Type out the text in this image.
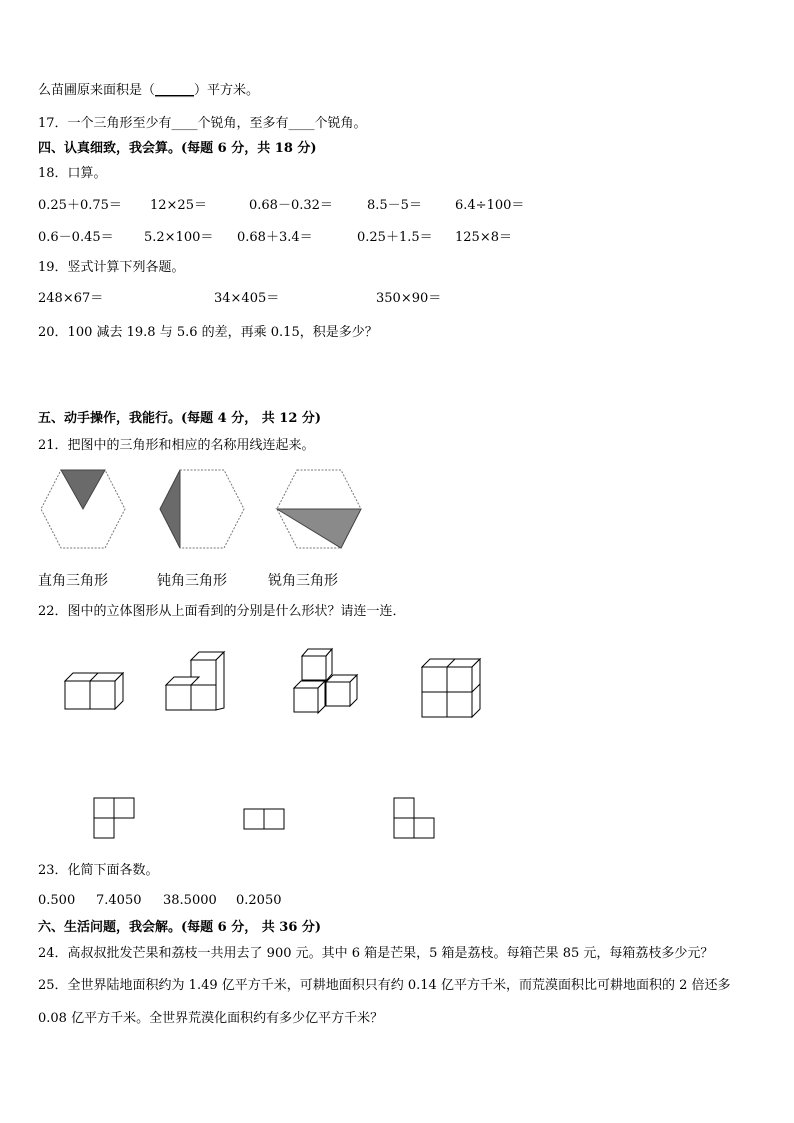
么苗圃原来面积是（______）平方米。
17．一个三角形至少有____个锐角，至多有____个锐角。
四、认真细致，我会算。(每题 6 分，共 18 分)
18．口算。
0.25＋0.75＝ 12×25＝	0.68－0.32＝	8.5－5＝	6.4÷100＝
0.6－0.45＝ 5.2×100＝ 0.68＋3.4＝	0.25＋1.5＝ 125×8＝
19．竖式计算下列各题。
248×67＝	34×405＝	350×90＝
20．100 减去 19.8 与 5.6 的差，再乘 0.15，积是多少？
五、动手操作，我能行。(每题 4 分， 共 12 分)
21．把图中的三角形和相应的名称用线连起来。
直角三角形	钝角三角形	锐角三角形
22．图中的立体图形从上面看到的分别是什么形状？请连一连．
23．化简下面各数。
0.500 7.4050 38.5000 0.2050
六、生活问题，我会解。(每题 6 分， 共 36 分)
24．高叔叔批发芒果和荔枝一共用去了 900 元。其中 6 箱是芒果，5 箱是荔枝。每箱芒果 85 元，每箱荔枝多少元？
25．全世界陆地面积约为 1.49 亿平方千米，可耕地面积只有约 0.14 亿平方千米，而荒漠面积比可耕地面积的 2 倍还多
0.08 亿平方千米。全世界荒漠化面积约有多少亿平方千米？
